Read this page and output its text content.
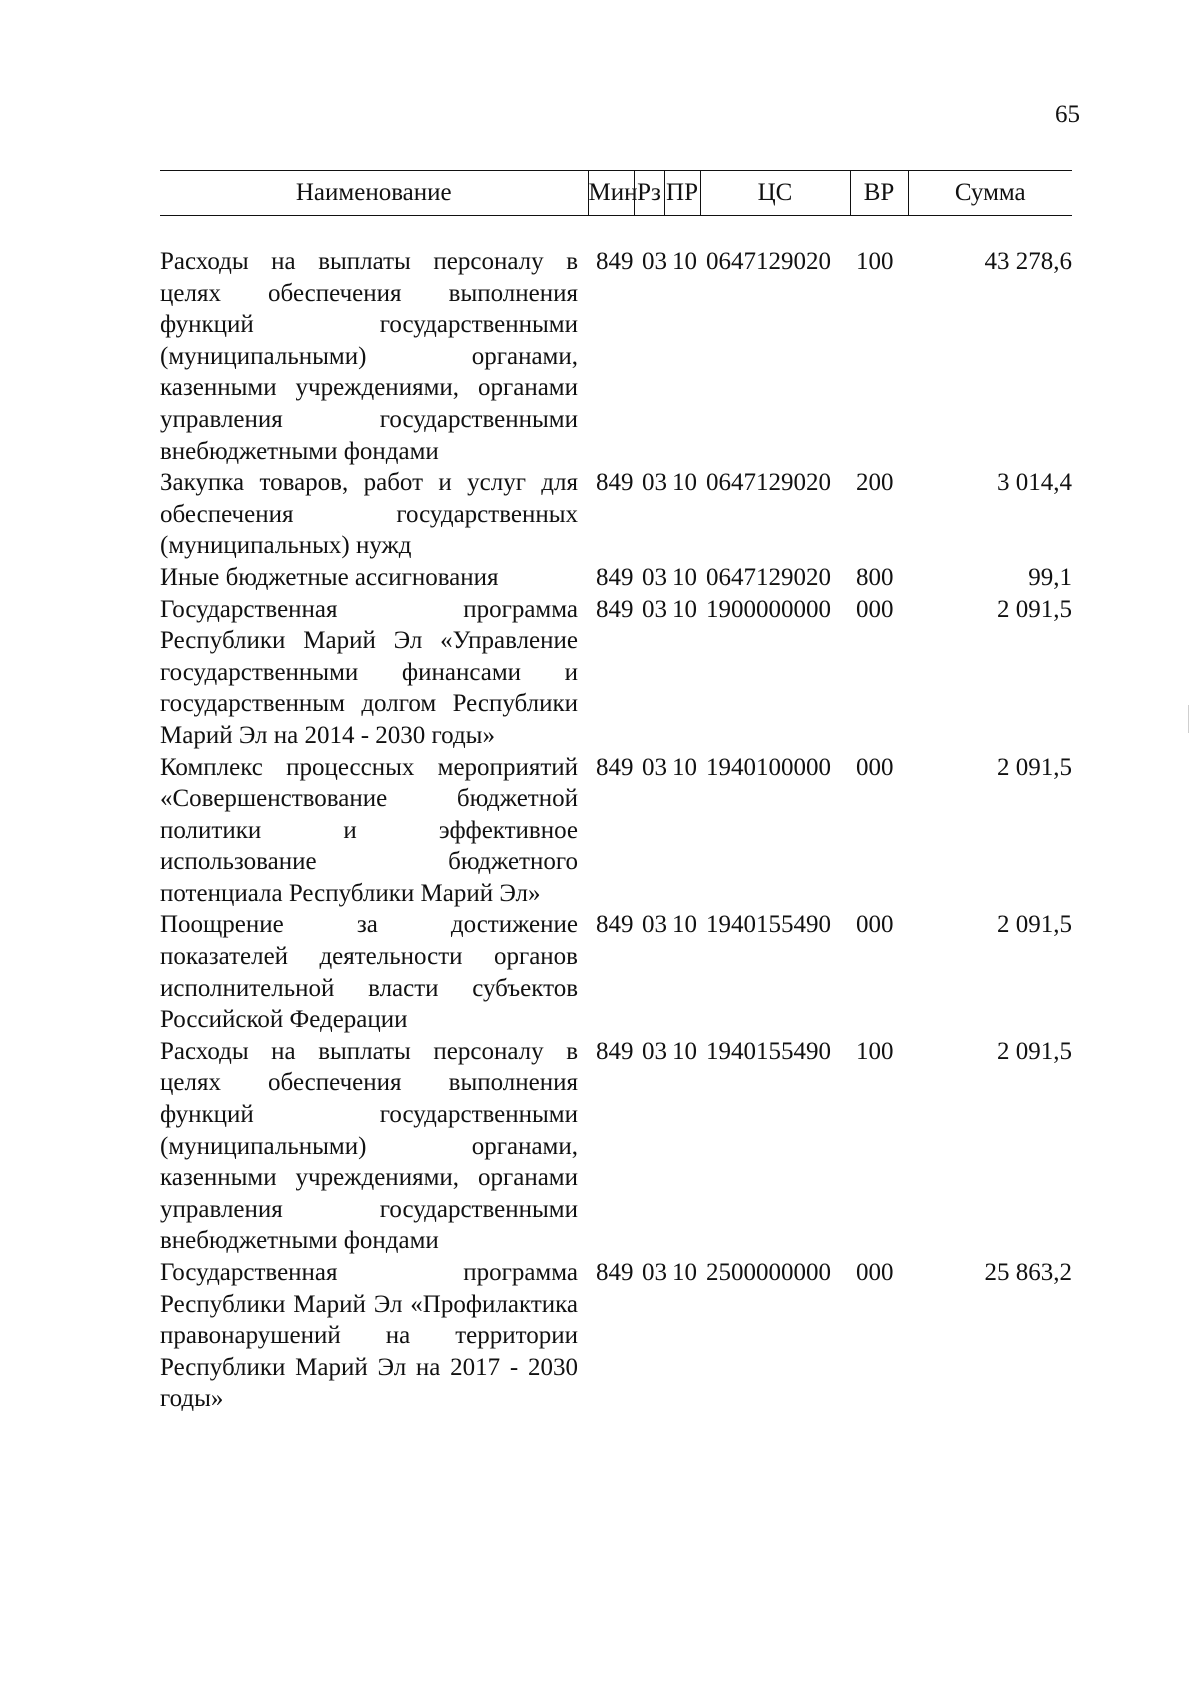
65
Наименование	Мин	Рз	ПР	ЦС	ВР	Сумма

Расходы на выплаты персоналу в целях обеспечения выполнения функций государственными (муниципальными) органами, казенными учреждениями, органами управления государственными внебюджетными фондами	849	03	10	0647129020	100	43 278,6
Закупка товаров, работ и услуг для обеспечения государственных (муниципальных) нужд	849	03	10	0647129020	200	3 014,4
Иные бюджетные ассигнования	849	03	10	0647129020	800	99,1
Государственная программа Республики Марий Эл «Управление государственными финансами и государственным долгом Республики Марий Эл на 2014 - 2030 годы»	849	03	10	1900000000	000	2 091,5
Комплекс процессных мероприятий «Совершенствование бюджетной политики и эффективное использование бюджетного потенциала Республики Марий Эл»	849	03	10	1940100000	000	2 091,5
Поощрение за достижение показателей деятельности органов исполнительной власти субъектов Российской Федерации	849	03	10	1940155490	000	2 091,5
Расходы на выплаты персоналу в целях обеспечения выполнения функций государственными (муниципальными) органами, казенными учреждениями, органами управления государственными внебюджетными фондами	849	03	10	1940155490	100	2 091,5
Государственная программа Республики Марий Эл «Профилактика правонарушений на территории Республики Марий Эл на 2017 - 2030 годы»	849	03	10	2500000000	000	25 863,2
